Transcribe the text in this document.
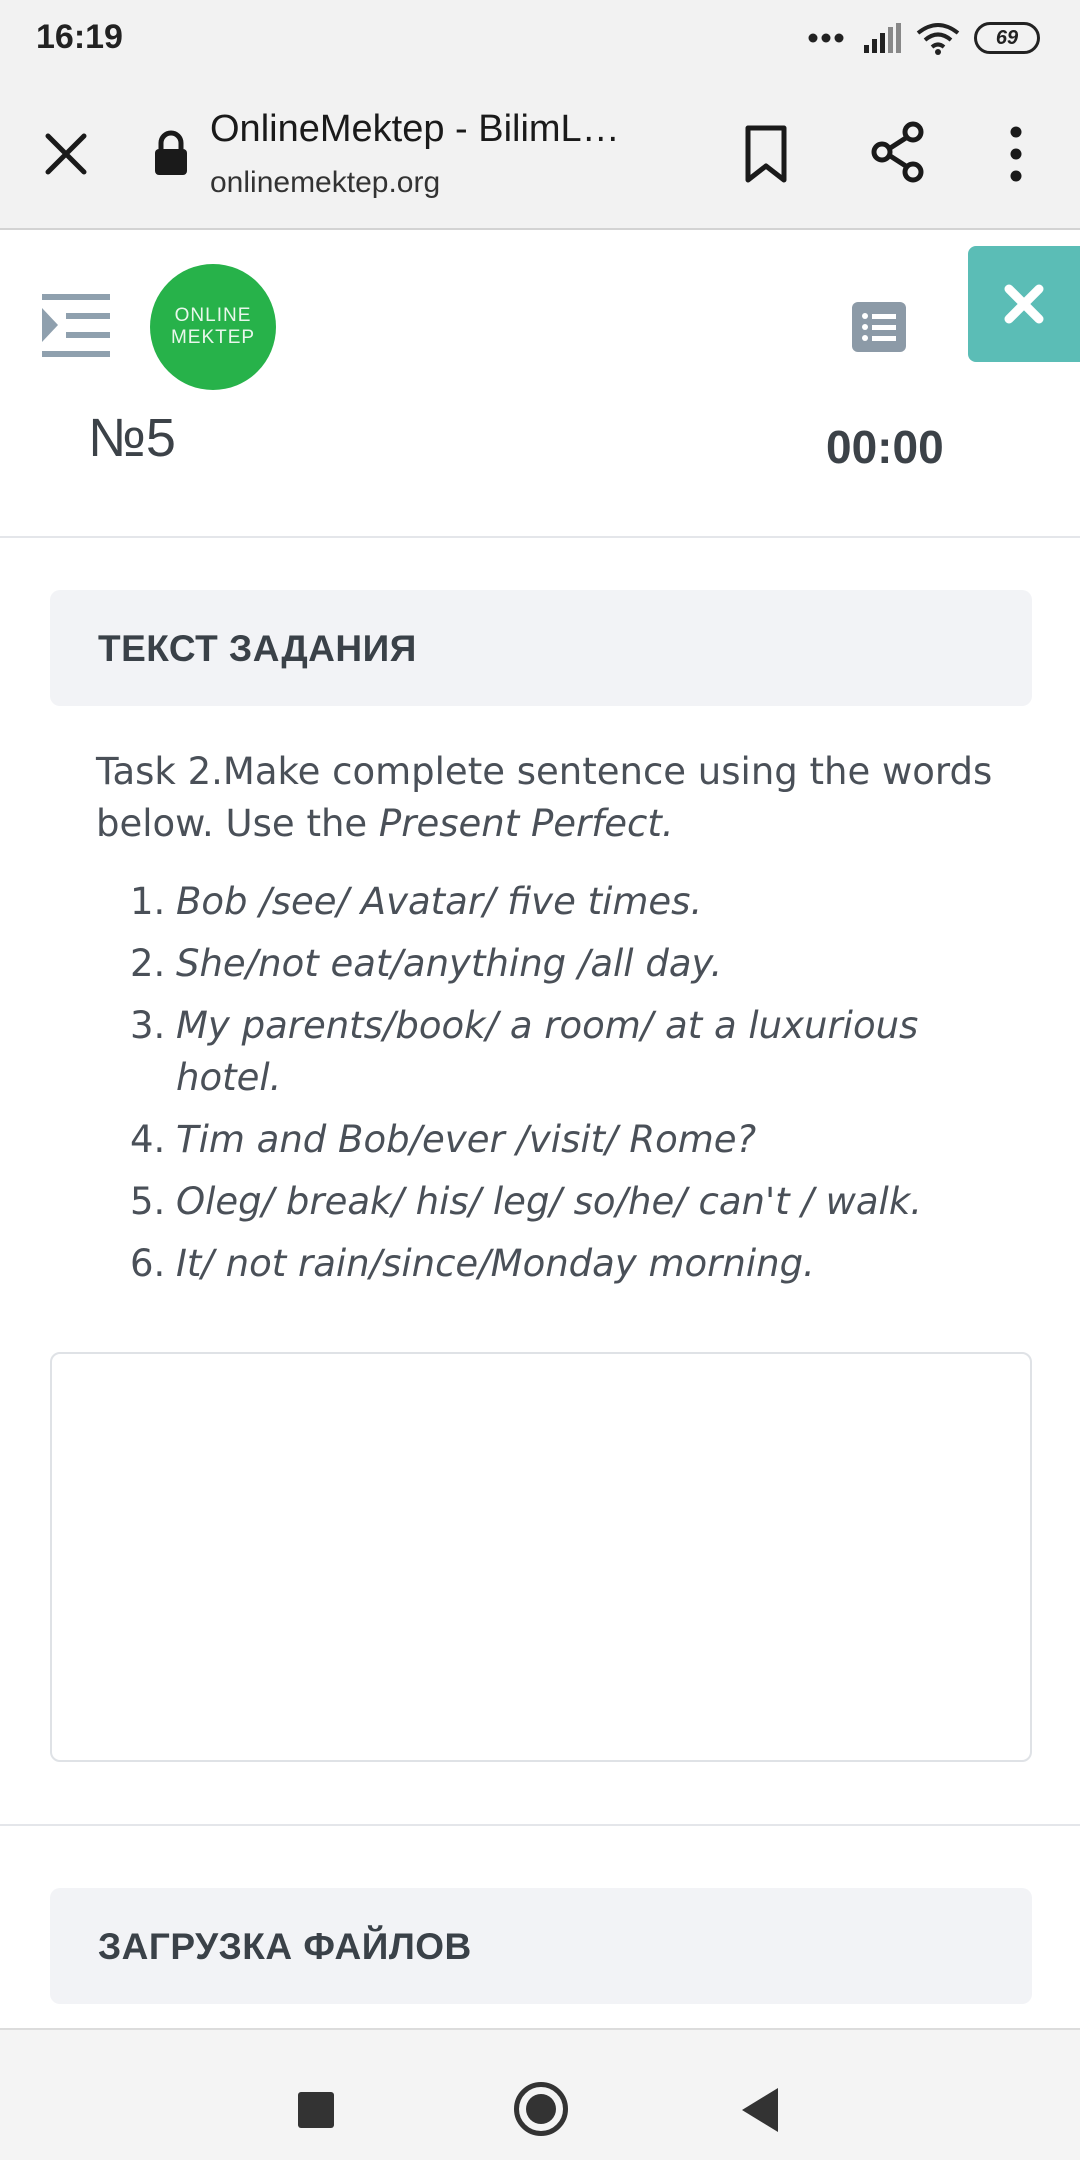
16:19	69
OnlineMektep - BilimL…
onlinemektep.org
ONLINE
MEKTEP
№5	00:00
ТЕКСТ ЗАДАНИЯ
Task 2.Make complete sentence using the words below. Use the Present Perfect.
1. Bob /see/ Avatar/ five times.
2. She/not eat/anything /all day.
3. My parents/book/ a room/ at a luxurious hotel.
4. Tim and Bob/ever /visit/ Rome?
5. Oleg/ break/ his/ leg/ so/he/ can't / walk.
6. It/ not rain/since/Monday morning.
ЗАГРУЗКА ФАЙЛОВ
